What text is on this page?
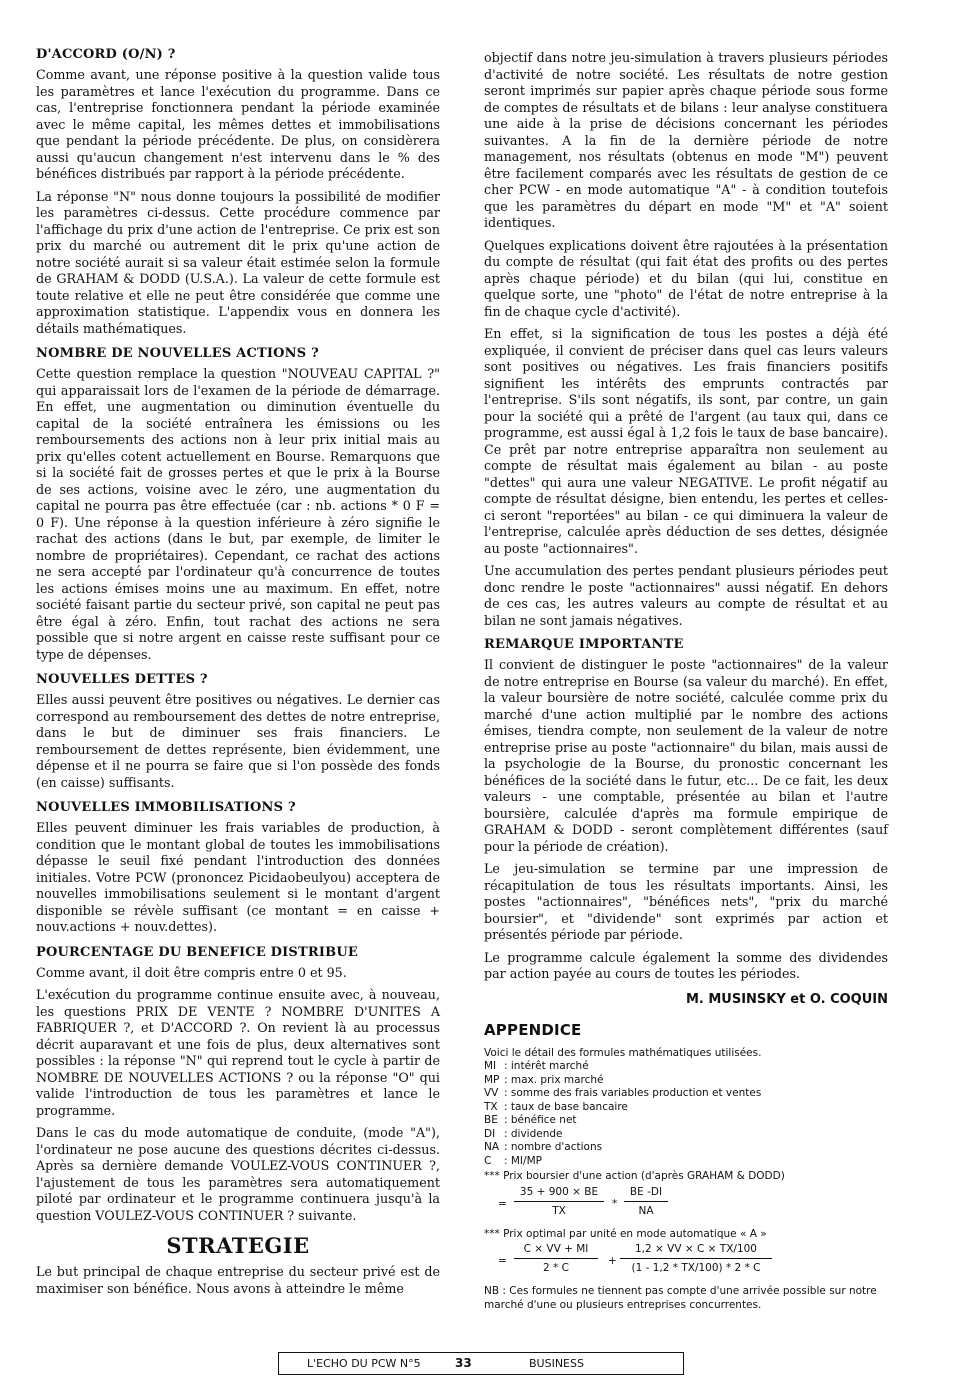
D'ACCORD (O/N) ?

Comme avant, une réponse positive à la question valide tous les paramètres et lance l'exécution du programme. Dans ce cas, l'entreprise fonctionnera pendant la période examinée avec le même capital, les mêmes dettes et immobilisations que pendant la période précédente. De plus, on considèrera aussi qu'aucun changement n'est intervenu dans le % des bénéfices distribués par rapport à la période précédente.

La réponse "N" nous donne toujours la possibilité de modifier les paramètres ci-dessus. Cette procédure commence par l'affichage du prix d'une action de l'entreprise. Ce prix est son prix du marché ou autrement dit le prix qu'une action de notre société aurait si sa valeur était estimée selon la formule de GRAHAM & DODD (U.S.A.). La valeur de cette formule est toute relative et elle ne peut être considérée que comme une approximation statistique. L'appendix vous en donnera les détails mathématiques.

NOMBRE DE NOUVELLES ACTIONS ?

Cette question remplace la question "NOUVEAU CAPITAL ?" qui apparaissait lors de l'examen de la période de démarrage. En effet, une augmentation ou diminution éventuelle du capital de la société entraînera les émissions ou les remboursements des actions non à leur prix initial mais au prix qu'elles cotent actuellement en Bourse. Remarquons que si la société fait de grosses pertes et que le prix à la Bourse de ses actions, voisine avec le zéro, une augmentation du capital ne pourra pas être effectuée (car : nb. actions * 0 F = 0 F). Une réponse à la question inférieure à zéro signifie le rachat des actions (dans le but, par exemple, de limiter le nombre de propriétaires). Cependant, ce rachat des actions ne sera accepté par l'ordinateur qu'à concurrence de toutes les actions émises moins une au maximum. En effet, notre société faisant partie du secteur privé, son capital ne peut pas être égal à zéro. Enfin, tout rachat des actions ne sera possible que si notre argent en caisse reste suffisant pour ce type de dépenses.

NOUVELLES DETTES ?

Elles aussi peuvent être positives ou négatives. Le dernier cas correspond au remboursement des dettes de notre entreprise, dans le but de diminuer ses frais financiers. Le remboursement de dettes représente, bien évidemment, une dépense et il ne pourra se faire que si l'on possède des fonds (en caisse) suffisants.

NOUVELLES IMMOBILISATIONS ?

Elles peuvent diminuer les frais variables de production, à condition que le montant global de toutes les immobilisations dépasse le seuil fixé pendant l'introduction des données initiales. Votre PCW (prononcez Picidaobeulyou) acceptera de nouvelles immobilisations seulement si le montant d'argent disponible se révèle suffisant (ce montant = en caisse + nouv.actions + nouv.dettes).

POURCENTAGE DU BENEFICE DISTRIBUE

Comme avant, il doit être compris entre 0 et 95.

L'exécution du programme continue ensuite avec, à nouveau, les questions PRIX DE VENTE ? NOMBRE D'UNITES A FABRIQUER ?, et D'ACCORD ?. On revient là au processus décrit auparavant et une fois de plus, deux alternatives sont possibles : la réponse "N" qui reprend tout le cycle à partir de NOMBRE DE NOUVELLES ACTIONS ? ou la réponse "O" qui valide l'introduction de tous les paramètres et lance le programme.

Dans le cas du mode automatique de conduite, (mode "A"), l'ordinateur ne pose aucune des questions décrites ci-dessus. Après sa dernière demande VOULEZ-VOUS CONTINUER ?, l'ajustement de tous les paramètres sera automatiquement piloté par ordinateur et le programme continuera jusqu'à la question VOULEZ-VOUS CONTINUER ? suivante.

STRATEGIE

Le but principal de chaque entreprise du secteur privé est de maximiser son bénéfice. Nous avons à atteindre le même

objectif dans notre jeu-simulation à travers plusieurs périodes d'activité de notre société. Les résultats de notre gestion seront imprimés sur papier après chaque période sous forme de comptes de résultats et de bilans : leur analyse constituera une aide à la prise de décisions concernant les périodes suivantes. A la fin de la dernière période de notre management, nos résultats (obtenus en mode "M") peuvent être facilement comparés avec les résultats de gestion de ce cher PCW - en mode automatique "A" - à condition toutefois que les paramètres du départ en mode "M" et "A" soient identiques.

Quelques explications doivent être rajoutées à la présentation du compte de résultat (qui fait état des profits ou des pertes après chaque période) et du bilan (qui lui, constitue en quelque sorte, une "photo" de l'état de notre entreprise à la fin de chaque cycle d'activité).

En effet, si la signification de tous les postes a déjà été expliquée, il convient de préciser dans quel cas leurs valeurs sont positives ou négatives. Les frais financiers positifs signifient les intérêts des emprunts contractés par l'entreprise. S'ils sont négatifs, ils sont, par contre, un gain pour la société qui a prêté de l'argent (au taux qui, dans ce programme, est aussi égal à 1,2 fois le taux de base bancaire). Ce prêt par notre entreprise apparaîtra non seulement au compte de résultat mais également au bilan - au poste "dettes" qui aura une valeur NEGATIVE. Le profit négatif au compte de résultat désigne, bien entendu, les pertes et celles-ci seront "reportées" au bilan - ce qui diminuera la valeur de l'entreprise, calculée après déduction de ses dettes, désignée au poste "actionnaires".

Une accumulation des pertes pendant plusieurs périodes peut donc rendre le poste "actionnaires" aussi négatif. En dehors de ces cas, les autres valeurs au compte de résultat et au bilan ne sont jamais négatives.

REMARQUE IMPORTANTE

Il convient de distinguer le poste "actionnaires" de la valeur de notre entreprise en Bourse (sa valeur du marché). En effet, la valeur boursière de notre société, calculée comme prix du marché d'une action multiplié par le nombre des actions émises, tiendra compte, non seulement de la valeur de notre entreprise prise au poste "actionnaire" du bilan, mais aussi de la psychologie de la Bourse, du pronostic concernant les bénéfices de la société dans le futur, etc... De ce fait, les deux valeurs - une comptable, présentée au bilan et l'autre boursière, calculée d'après ma formule empirique de GRAHAM & DODD - seront complètement différentes (sauf pour la période de création).

Le jeu-simulation se termine par une impression de récapitulation de tous les résultats importants. Ainsi, les postes "actionnaires", "bénéfices nets", "prix du marché boursier", et "dividende" sont exprimés par action et présentés période par période.

Le programme calcule également la somme des dividendes par action payée au cours de toutes les périodes.

M. MUSINSKY et O. COQUIN
APPENDICE
Voici le détail des formules mathématiques utilisées.
MI : intérêt marché
MP : max. prix marché
VV : somme des frais variables production et ventes
TX : taux de base bancaire
BE : bénéfice net
DI : dividende
NA : nombre d'actions
C : MI/MP
*** Prix boursier d'une action (d'après GRAHAM & DODD)
=
35 + 900 × BE
TX
*
BE -DI
NA
*** Prix optimal par unité en mode automatique « A »
=
C × VV + MI
2 * C
+
1,2 × VV × C × TX/100
(1 - 1,2 * TX/100) * 2 * C
NB : Ces formules ne tiennent pas compte d'une arrivée possible sur notre marché d'une ou plusieurs entreprises concurrentes.
L'ECHO DU PCW N°5	33	BUSINESS
